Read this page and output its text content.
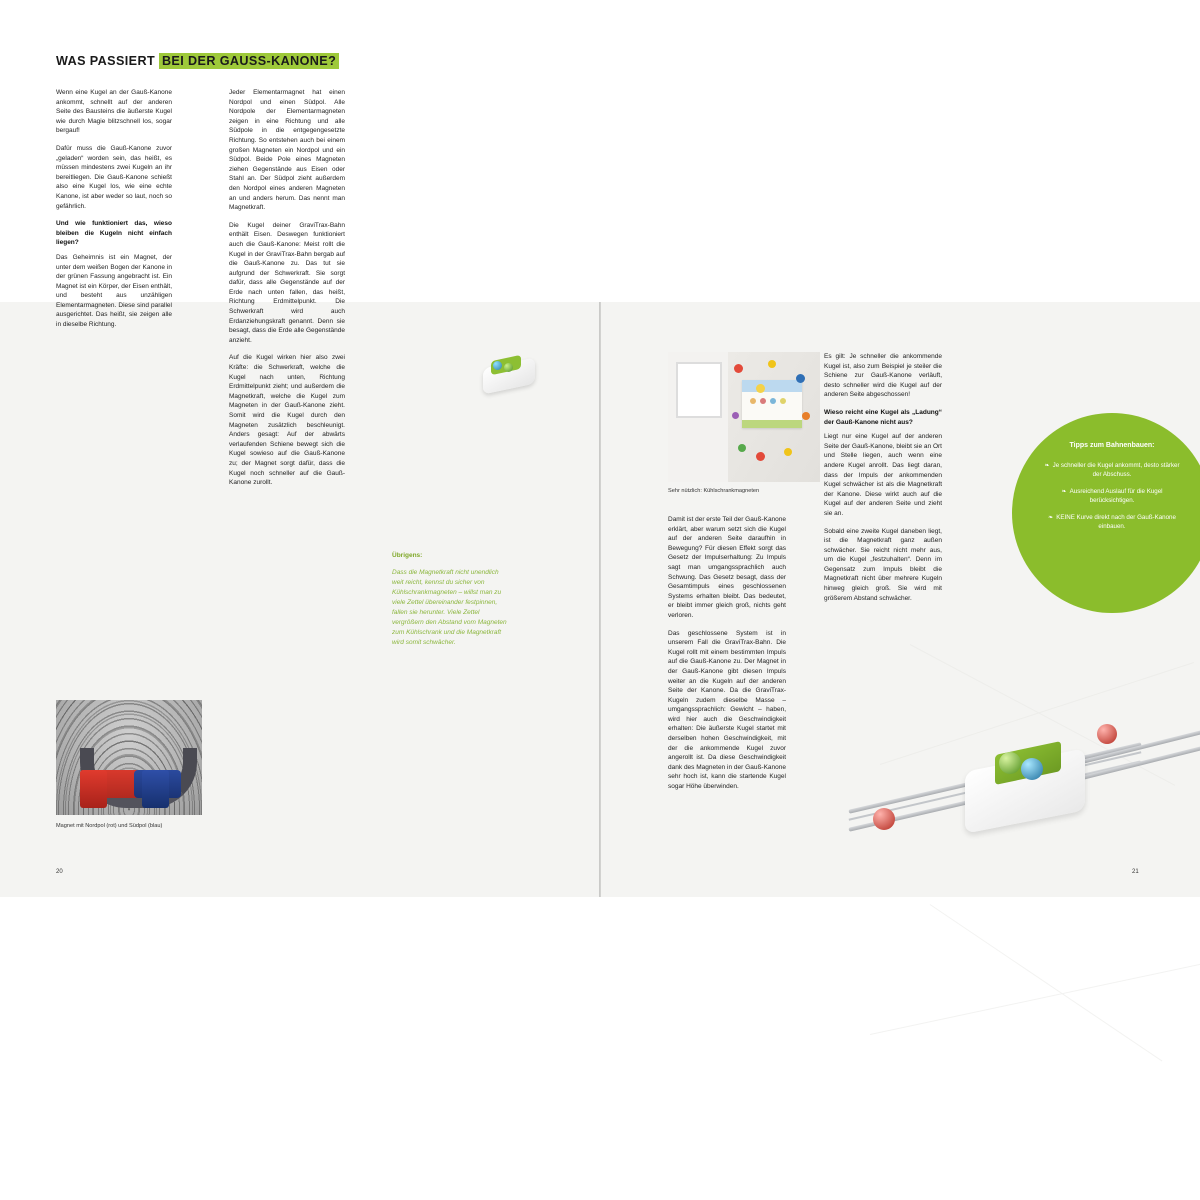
WAS PASSIERT BEI DER GAUSS-KANONE?

Wenn eine Kugel an der Gauß-Kanone ankommt, schnellt auf der anderen Seite des Bausteins die äußerste Kugel wie durch Magie blitzschnell los, sogar bergauf!

Dafür muss die Gauß-Kanone zuvor „geladen“ worden sein, das heißt, es müssen mindestens zwei Kugeln an ihr bereitliegen. Die Gauß-Kanone schießt also eine Kugel los, wie eine echte Kanone, ist aber weder so laut, noch so gefährlich.

Und wie funktioniert das, wieso bleiben die Kugeln nicht einfach liegen?

Das Geheimnis ist ein Magnet, der unter dem weißen Bogen der Kanone in der grünen Fassung angebracht ist. Ein Magnet ist ein Körper, der Eisen enthält, und besteht aus unzähligen Elementarmagneten. Diese sind parallel ausgerichtet. Das heißt, sie zeigen alle in dieselbe Richtung.

Jeder Elementarmagnet hat einen Nordpol und einen Südpol. Alle Nordpole der Elementarmagneten zeigen in eine Richtung und alle Südpole in die entgegengesetzte Richtung. So entstehen auch bei einem großen Magneten ein Nordpol und ein Südpol. Beide Pole eines Magneten ziehen Gegenstände aus Eisen oder Stahl an. Der Südpol zieht außerdem den Nordpol eines anderen Magneten an und anders herum. Das nennt man Magnetkraft.

Die Kugel deiner GraviTrax-Bahn enthält Eisen. Deswegen funktioniert auch die Gauß-Kanone: Meist rollt die Kugel in der GraviTrax-Bahn bergab auf die Gauß-Kanone zu. Das tut sie aufgrund der Schwerkraft. Sie sorgt dafür, dass alle Gegenstände auf der Erde nach unten fallen, das heißt, Richtung Erdmittelpunkt. Die Schwerkraft wird auch Erdanziehungskraft genannt. Denn sie besagt, dass die Erde alle Gegenstände anzieht.

Auf die Kugel wirken hier also zwei Kräfte: die Schwerkraft, welche die Kugel nach unten, Richtung Erdmittelpunkt zieht; und außerdem die Magnetkraft, welche die Kugel zum Magneten in der Gauß-Kanone zieht. Somit wird die Kugel durch den Magneten zusätzlich beschleunigt. Anders gesagt: Auf der abwärts verlaufenden Schiene bewegt sich die Kugel sowieso auf die Gauß-Kanone zu; der Magnet sorgt dafür, dass die Kugel noch schneller auf die Gauß-Kanone zurollt.

Übrigens:
Dass die Magnetkraft nicht unendlich weit reicht, kennst du sicher von Kühlschrankmagneten – willst man zu viele Zettel übereinander festpinnen, fallen sie herunter. Viele Zettel vergrößern den Abstand vom Magneten zum Kühlschrank und die Magnetkraft wird somit schwächer.
Magnet mit Nordpol (rot) und Südpol (blau)
20
Sehr nützlich: Kühlschrankmagneten

Damit ist der erste Teil der Gauß-Kanone erklärt, aber warum setzt sich die Kugel auf der anderen Seite daraufhin in Bewegung? Für diesen Effekt sorgt das Gesetz der Impulserhaltung: Zu Impuls sagt man umgangssprachlich auch Schwung. Das Gesetz besagt, dass der Gesamtimpuls eines geschlossenen Systems erhalten bleibt. Das bedeutet, er bleibt immer gleich groß, nichts geht verloren.

Das geschlossene System ist in unserem Fall die GraviTrax-Bahn. Die Kugel rollt mit einem bestimmten Impuls auf die Gauß-Kanone zu. Der Magnet in der Gauß-Kanone gibt diesen Impuls weiter an die Kugeln auf der anderen Seite der Kanone. Da die GraviTrax-Kugeln zudem dieselbe Masse – umgangssprachlich: Gewicht – haben, wird hier auch die Geschwindigkeit erhalten: Die äußerste Kugel startet mit derselben hohen Geschwindigkeit, mit der die ankommende Kugel zuvor angerollt ist. Da diese Geschwindigkeit dank des Magneten in der Gauß-Kanone sehr hoch ist, kann die startende Kugel sogar Höhe überwinden.

Es gilt: Je schneller die ankommende Kugel ist, also zum Beispiel je steiler die Schiene zur Gauß-Kanone verläuft, desto schneller wird die Kugel auf der anderen Seite abgeschossen!

Wieso reicht eine Kugel als „Ladung“ der Gauß-Kanone nicht aus?

Liegt nur eine Kugel auf der anderen Seite der Gauß-Kanone, bleibt sie an Ort und Stelle liegen, auch wenn eine andere Kugel anrollt. Das liegt daran, dass der Impuls der ankommenden Kugel schwächer ist als die Magnetkraft der Kanone. Diese wirkt auch auf die Kugel auf der anderen Seite und zieht sie an.

Sobald eine zweite Kugel daneben liegt, ist die Magnetkraft ganz außen schwächer. Sie reicht nicht mehr aus, um die Kugel „festzuhalten“. Denn im Gegensatz zum Impuls bleibt die Magnetkraft nicht über mehrere Kugeln hinweg gleich groß. Sie wird mit größerem Abstand schwächer.

Tipps zum Bahnenbauen:
❧ Je schneller die Kugel ankommt, desto stärker der Abschuss.
❧ Ausreichend Auslauf für die Kugel berücksichtigen.
❧ KEINE Kurve direkt nach der Gauß-Kanone einbauen.
21
